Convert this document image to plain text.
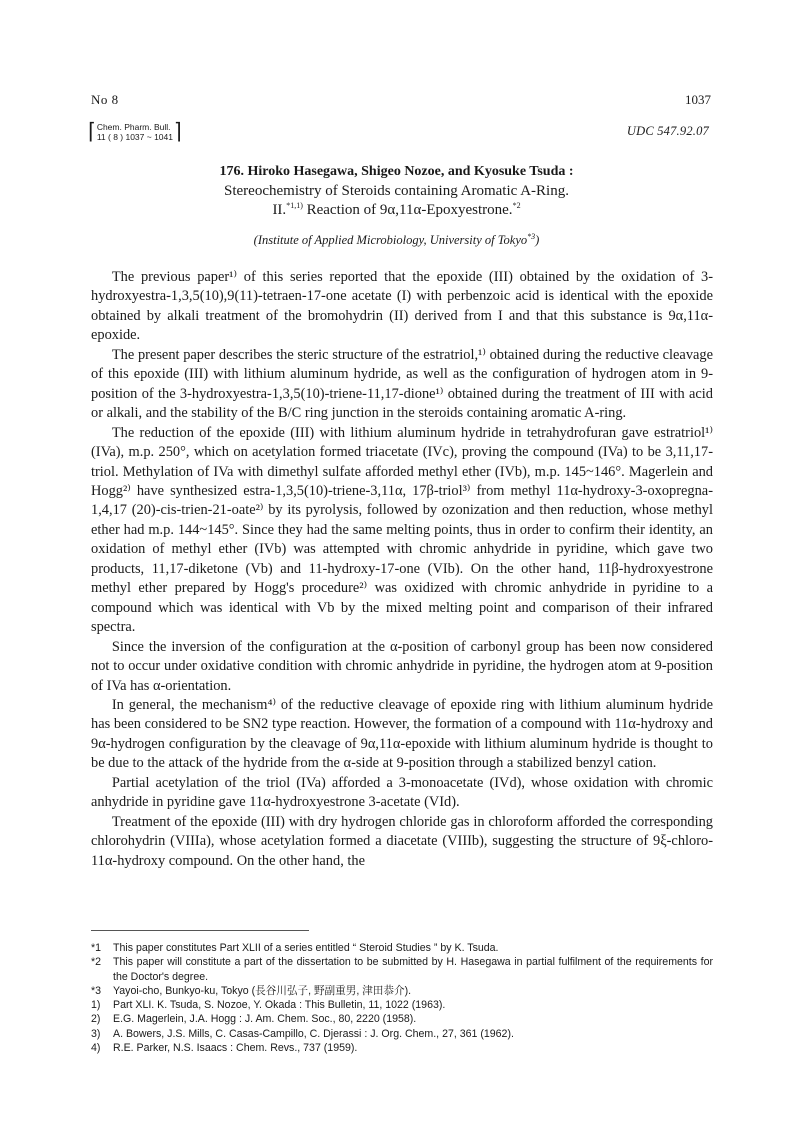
No 8	1037
⌈ Chem. Pharm. Bull.
11 ( 8 ) 1037 ~ 1041 ⌉	UDC 547.92.07
176. Hiroko Hasegawa, Shigeo Nozoe, and Kyosuke Tsuda :
Stereochemistry of Steroids containing Aromatic A-Ring.
II.$^{*1,1)}$ Reaction of 9α,11α-Epoxyestrone.$^{*2}$
(Institute of Applied Microbiology, University of Tokyo$^{*3}$)

The previous paper¹⁾ of this series reported that the epoxide (III) obtained by the oxidation of 3-hydroxyestra-1,3,5(10),9(11)-tetraen-17-one acetate (I) with perbenzoic acid is identical with the epoxide obtained by alkali treatment of the bromohydrin (II) derived from I and that this substance is 9α,11α-epoxide.

The present paper describes the steric structure of the estratriol,¹⁾ obtained during the reductive cleavage of this epoxide (III) with lithium aluminum hydride, as well as the configuration of hydrogen atom in 9-position of the 3-hydroxyestra-1,3,5(10)-triene-11,17-dione¹⁾ obtained during the treatment of III with acid or alkali, and the stability of the B/C ring junction in the steroids containing aromatic A-ring.

The reduction of the epoxide (III) with lithium aluminum hydride in tetrahydrofuran gave estratriol¹⁾ (IVa), m.p. 250°, which on acetylation formed triacetate (IVc), proving the compound (IVa) to be 3,11,17-triol. Methylation of IVa with dimethyl sulfate afforded methyl ether (IVb), m.p. 145~146°. Magerlein and Hogg²⁾ have synthesized estra-1,3,5(10)-triene-3,11α, 17β-triol³⁾ from methyl 11α-hydroxy-3-oxopregna-1,4,17 (20)-cis-trien-21-oate²⁾ by its pyrolysis, followed by ozonization and then reduction, whose methyl ether had m.p. 144~145°. Since they had the same melting points, thus in order to confirm their identity, an oxidation of methyl ether (IVb) was attempted with chromic anhydride in pyridine, which gave two products, 11,17-diketone (Vb) and 11-hydroxy-17-one (VIb). On the other hand, 11β-hydroxyestrone methyl ether prepared by Hogg's procedure²⁾ was oxidized with chromic anhydride in pyridine to a compound which was identical with Vb by the mixed melting point and comparison of their infrared spectra.

Since the inversion of the configuration at the α-position of carbonyl group has been now considered not to occur under oxidative condition with chromic anhydride in pyridine, the hydrogen atom at 9-position of IVa has α-orientation.

In general, the mechanism⁴⁾ of the reductive cleavage of epoxide ring with lithium aluminum hydride has been considered to be SN2 type reaction. However, the formation of a compound with 11α-hydroxy and 9α-hydrogen configuration by the cleavage of 9α,11α-epoxide with lithium aluminum hydride is thought to be due to the attack of the hydride from the α-side at 9-position through a stabilized benzyl cation.

Partial acetylation of the triol (IVa) afforded a 3-monoacetate (IVd), whose oxidation with chromic anhydride in pyridine gave 11α-hydroxyestrone 3-acetate (VId).

Treatment of the epoxide (III) with dry hydrogen chloride gas in chloroform afforded the corresponding chlorohydrin (VIIIa), whose acetylation formed a diacetate (VIIIb), suggesting the structure of 9ξ-chloro-11α-hydroxy compound. On the other hand, the

*1	This paper constitutes Part XLII of a series entitled “ Steroid Studies ” by K. Tsuda.
*2	This paper will constitute a part of the dissertation to be submitted by H. Hasegawa in partial fulfilment of the requirements for the Doctor's degree.
*3	Yayoi-cho, Bunkyo-ku, Tokyo (長谷川弘子, 野副重男, 津田恭介).
1)	Part XLI. K. Tsuda, S. Nozoe, Y. Okada : This Bulletin, 11, 1022 (1963).
2)	E.G. Magerlein, J.A. Hogg : J. Am. Chem. Soc., 80, 2220 (1958).
3)	A. Bowers, J.S. Mills, C. Casas-Campillo, C. Djerassi : J. Org. Chem., 27, 361 (1962).
4)	R.E. Parker, N.S. Isaacs : Chem. Revs., 737 (1959).
